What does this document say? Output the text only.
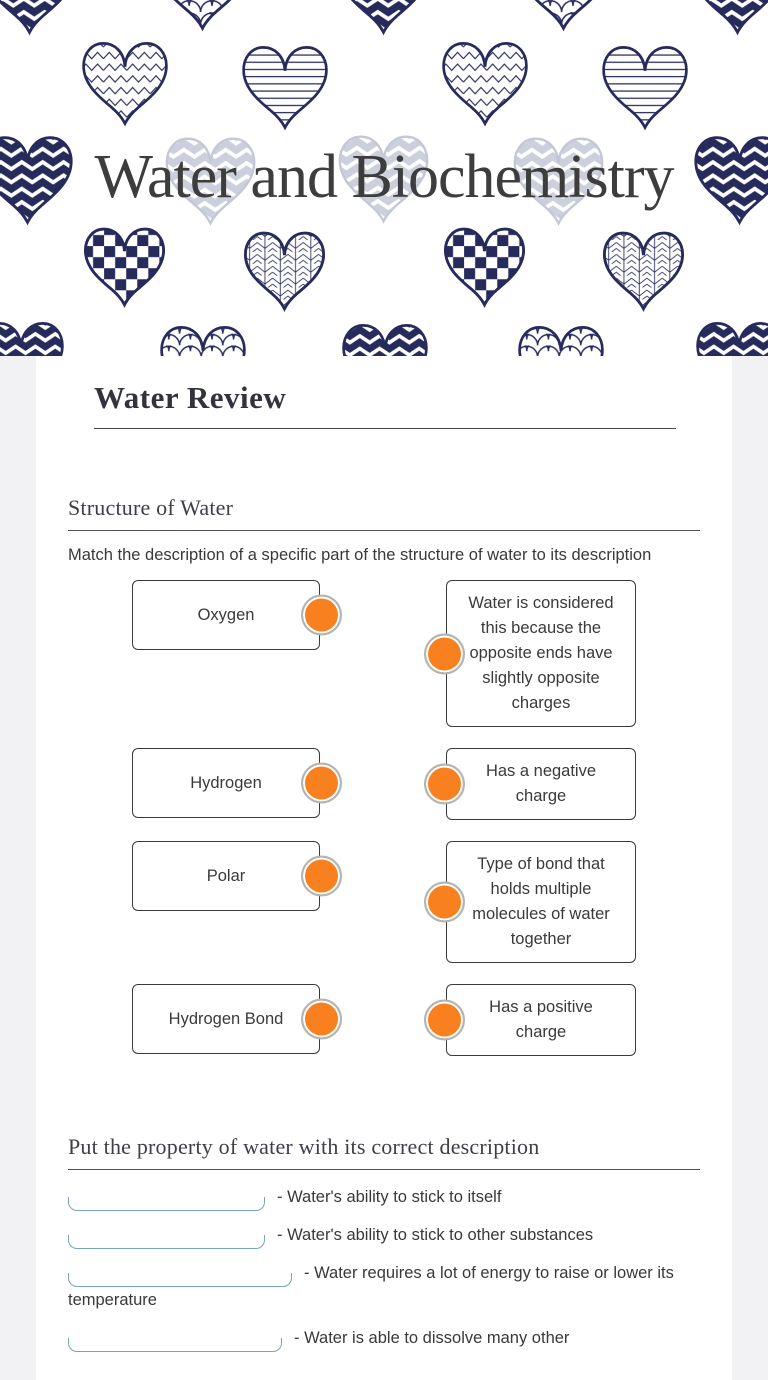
Water and Biochemistry
Water Review
Structure of Water

Match the description of a specific part of the structure of water to its description

Oxygen
Water is considered this because the opposite ends have slightly opposite charges
Hydrogen
Has a negative charge
Polar
Type of bond that holds multiple molecules of water together
Hydrogen Bond
Has a positive charge
Put the property of water with its correct description
- Water's ability to stick to itself
- Water's ability to stick to other substances
- Water requires a lot of energy to raise or lower its temperature
- Water is able to dissolve many other
